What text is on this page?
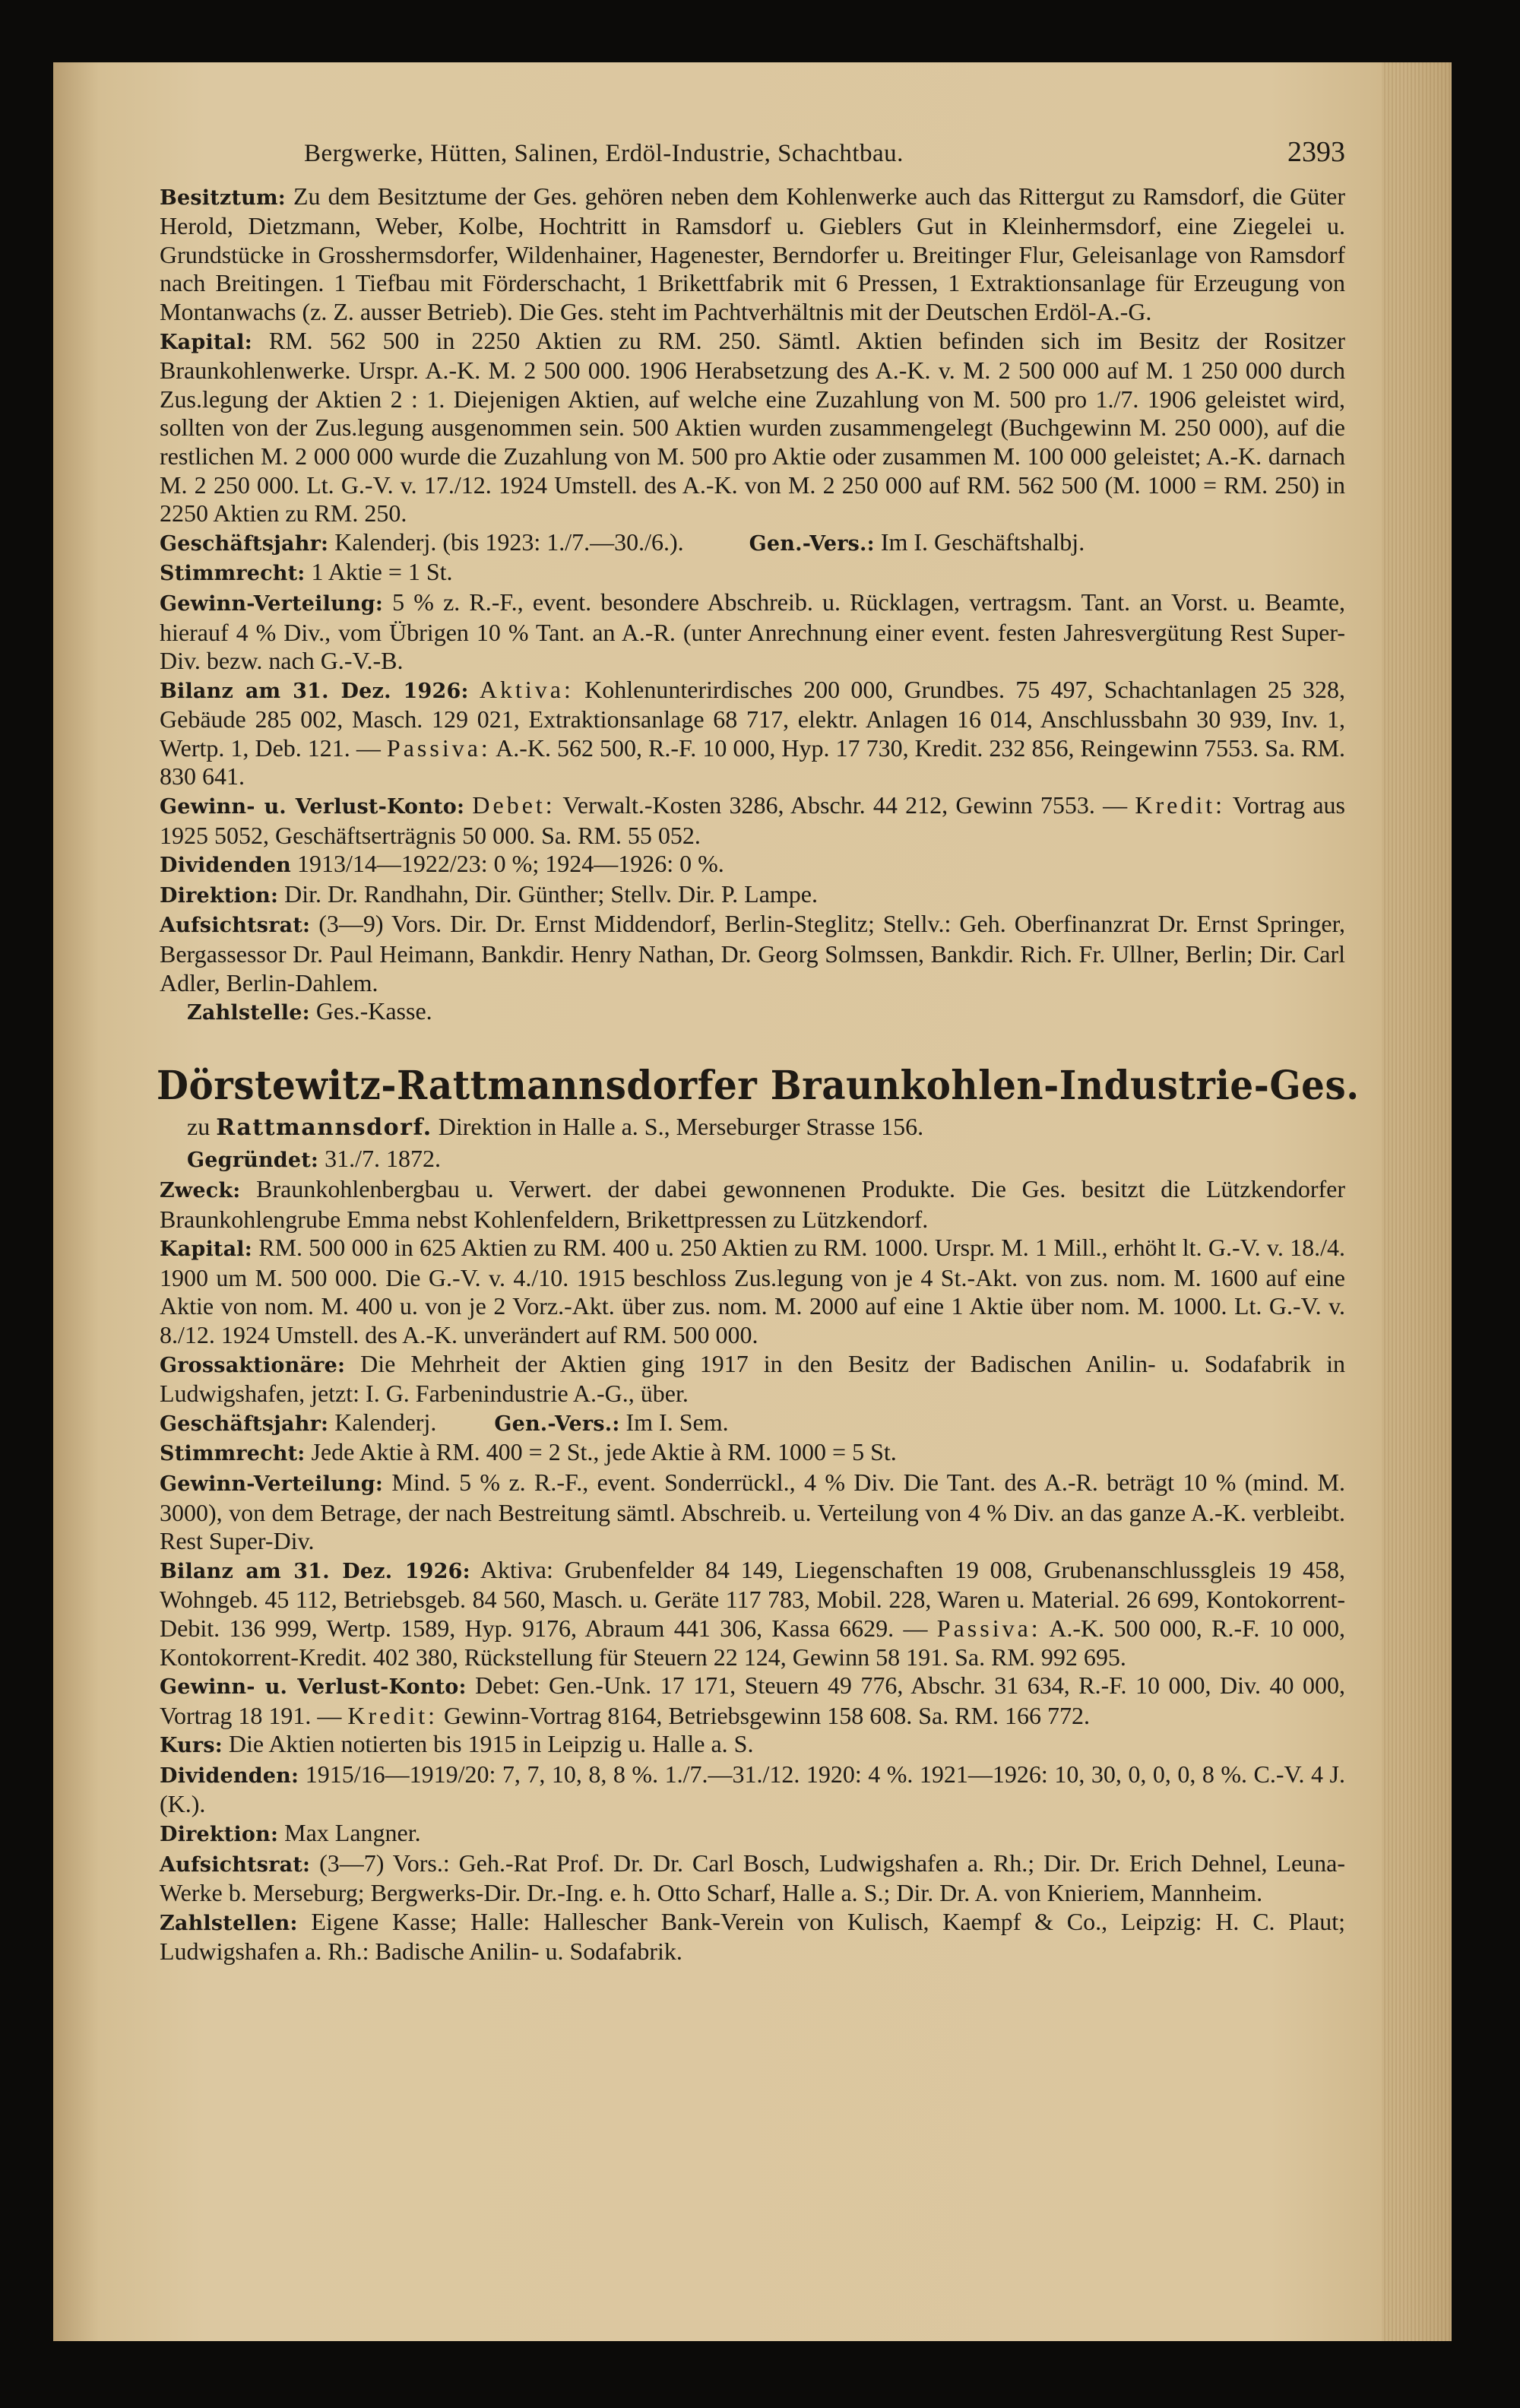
Bergwerke, Hütten, Salinen, Erdöl-Industrie, Schachtbau.	2393

Besitztum: Zu dem Besitztume der Ges. gehören neben dem Kohlenwerke auch das Rittergut zu Ramsdorf, die Güter Herold, Dietzmann, Weber, Kolbe, Hochtritt in Ramsdorf u. Gieblers Gut in Kleinhermsdorf, eine Ziegelei u. Grundstücke in Grosshermsdorfer, Wildenhainer, Hagenester, Berndorfer u. Breitinger Flur, Geleisanlage von Ramsdorf nach Breitingen. 1 Tiefbau mit Förderschacht, 1 Brikettfabrik mit 6 Pressen, 1 Extraktionsanlage für Erzeugung von Montanwachs (z. Z. ausser Betrieb). Die Ges. steht im Pachtverhältnis mit der Deutschen Erdöl-A.-G.

Kapital: RM. 562 500 in 2250 Aktien zu RM. 250. Sämtl. Aktien befinden sich im Besitz der Rositzer Braunkohlenwerke. Urspr. A.-K. M. 2 500 000. 1906 Herabsetzung des A.-K. v. M. 2 500 000 auf M. 1 250 000 durch Zus.legung der Aktien 2 : 1. Diejenigen Aktien, auf welche eine Zuzahlung von M. 500 pro 1./7. 1906 geleistet wird, sollten von der Zus.legung ausgenommen sein. 500 Aktien wurden zusammengelegt (Buchgewinn M. 250 000), auf die restlichen M. 2 000 000 wurde die Zuzahlung von M. 500 pro Aktie oder zusammen M. 100 000 geleistet; A.-K. darnach M. 2 250 000. Lt. G.-V. v. 17./12. 1924 Umstell. des A.-K. von M. 2 250 000 auf RM. 562 500 (M. 1000 = RM. 250) in 2250 Aktien zu RM. 250.

Geschäftsjahr: Kalenderj. (bis 1923: 1./7.—30./6.).	Gen.-Vers.: Im I. Geschäftshalbj.

Stimmrecht: 1 Aktie = 1 St.

Gewinn-Verteilung: 5 % z. R.-F., event. besondere Abschreib. u. Rücklagen, vertragsm. Tant. an Vorst. u. Beamte, hierauf 4 % Div., vom Übrigen 10 % Tant. an A.-R. (unter Anrechnung einer event. festen Jahresvergütung Rest Super-Div. bezw. nach G.-V.-B.

Bilanz am 31. Dez. 1926: Aktiva: Kohlenunterirdisches 200 000, Grundbes. 75 497, Schachtanlagen 25 328, Gebäude 285 002, Masch. 129 021, Extraktionsanlage 68 717, elektr. Anlagen 16 014, Anschlussbahn 30 939, Inv. 1, Wertp. 1, Deb. 121. — Passiva: A.-K. 562 500, R.-F. 10 000, Hyp. 17 730, Kredit. 232 856, Reingewinn 7553. Sa. RM. 830 641.

Gewinn- u. Verlust-Konto: Debet: Verwalt.-Kosten 3286, Abschr. 44 212, Gewinn 7553. — Kredit: Vortrag aus 1925 5052, Geschäftserträgnis 50 000. Sa. RM. 55 052.

Dividenden 1913/14—1922/23: 0 %; 1924—1926: 0 %.

Direktion: Dir. Dr. Randhahn, Dir. Günther; Stellv. Dir. P. Lampe.

Aufsichtsrat: (3—9) Vors. Dir. Dr. Ernst Middendorf, Berlin-Steglitz; Stellv.: Geh. Oberfinanzrat Dr. Ernst Springer, Bergassessor Dr. Paul Heimann, Bankdir. Henry Nathan, Dr. Georg Solmssen, Bankdir. Rich. Fr. Ullner, Berlin; Dir. Carl Adler, Berlin-Dahlem.

Zahlstelle: Ges.-Kasse.

Dörstewitz-Rattmannsdorfer Braunkohlen-Industrie-Ges.

zu Rattmannsdorf. Direktion in Halle a. S., Merseburger Strasse 156.

Gegründet: 31./7. 1872.

Zweck: Braunkohlenbergbau u. Verwert. der dabei gewonnenen Produkte. Die Ges. besitzt die Lützkendorfer Braunkohlengrube Emma nebst Kohlenfeldern, Brikettpressen zu Lützkendorf.

Kapital: RM. 500 000 in 625 Aktien zu RM. 400 u. 250 Aktien zu RM. 1000. Urspr. M. 1 Mill., erhöht lt. G.-V. v. 18./4. 1900 um M. 500 000. Die G.-V. v. 4./10. 1915 beschloss Zus.legung von je 4 St.-Akt. von zus. nom. M. 1600 auf eine Aktie von nom. M. 400 u. von je 2 Vorz.-Akt. über zus. nom. M. 2000 auf eine 1 Aktie über nom. M. 1000. Lt. G.-V. v. 8./12. 1924 Umstell. des A.-K. unverändert auf RM. 500 000.

Grossaktionäre: Die Mehrheit der Aktien ging 1917 in den Besitz der Badischen Anilin- u. Sodafabrik in Ludwigshafen, jetzt: I. G. Farbenindustrie A.-G., über.

Geschäftsjahr: Kalenderj.	Gen.-Vers.: Im I. Sem.

Stimmrecht: Jede Aktie à RM. 400 = 2 St., jede Aktie à RM. 1000 = 5 St.

Gewinn-Verteilung: Mind. 5 % z. R.-F., event. Sonderrückl., 4 % Div. Die Tant. des A.-R. beträgt 10 % (mind. M. 3000), von dem Betrage, der nach Bestreitung sämtl. Abschreib. u. Verteilung von 4 % Div. an das ganze A.-K. verbleibt. Rest Super-Div.

Bilanz am 31. Dez. 1926: Aktiva: Grubenfelder 84 149, Liegenschaften 19 008, Grubenanschlussgleis 19 458, Wohngeb. 45 112, Betriebsgeb. 84 560, Masch. u. Geräte 117 783, Mobil. 228, Waren u. Material. 26 699, Kontokorrent-Debit. 136 999, Wertp. 1589, Hyp. 9176, Abraum 441 306, Kassa 6629. — Passiva: A.-K. 500 000, R.-F. 10 000, Kontokorrent-Kredit. 402 380, Rückstellung für Steuern 22 124, Gewinn 58 191. Sa. RM. 992 695.

Gewinn- u. Verlust-Konto: Debet: Gen.-Unk. 17 171, Steuern 49 776, Abschr. 31 634, R.-F. 10 000, Div. 40 000, Vortrag 18 191. — Kredit: Gewinn-Vortrag 8164, Betriebsgewinn 158 608. Sa. RM. 166 772.

Kurs: Die Aktien notierten bis 1915 in Leipzig u. Halle a. S.

Dividenden: 1915/16—1919/20: 7, 7, 10, 8, 8 %. 1./7.—31./12. 1920: 4 %. 1921—1926: 10, 30, 0, 0, 0, 8 %. C.-V. 4 J. (K.).

Direktion: Max Langner.

Aufsichtsrat: (3—7) Vors.: Geh.-Rat Prof. Dr. Dr. Carl Bosch, Ludwigshafen a. Rh.; Dir. Dr. Erich Dehnel, Leuna-Werke b. Merseburg; Bergwerks-Dir. Dr.-Ing. e. h. Otto Scharf, Halle a. S.; Dir. Dr. A. von Knieriem, Mannheim.

Zahlstellen: Eigene Kasse; Halle: Hallescher Bank-Verein von Kulisch, Kaempf & Co., Leipzig: H. C. Plaut; Ludwigshafen a. Rh.: Badische Anilin- u. Sodafabrik.
